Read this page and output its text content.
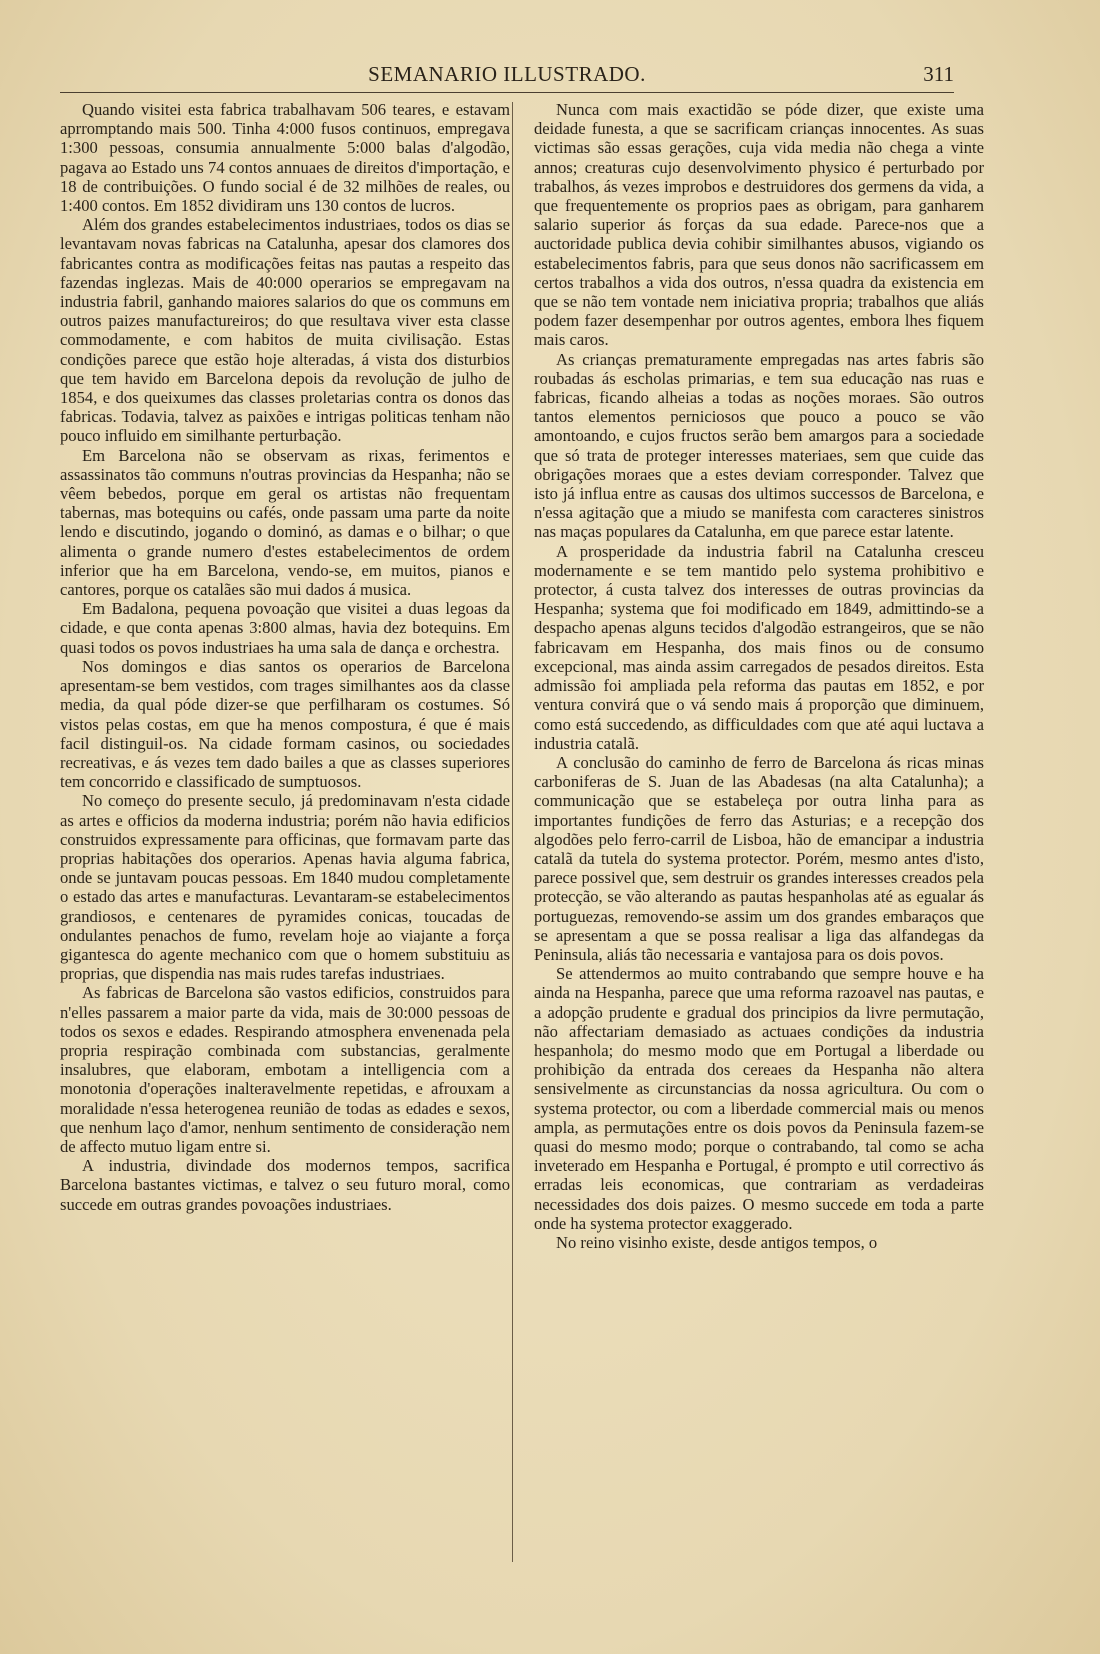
SEMANARIO ILLUSTRADO.	311

Quando visitei esta fabrica trabalhavam 506 teares, e estavam aprromptando mais 500. Tinha 4:000 fusos continuos, empregava 1:300 pessoas, consumia annualmente 5:000 balas d'algodão, pagava ao Estado uns 74 contos annuaes de direitos d'importação, e 18 de contribuições. O fundo social é de 32 milhões de reales, ou 1:400 contos. Em 1852 dividiram uns 130 contos de lucros.

Além dos grandes estabelecimentos industriaes, todos os dias se levantavam novas fabricas na Catalunha, apesar dos clamores dos fabricantes contra as modificações feitas nas pautas a respeito das fazendas inglezas. Mais de 40:000 operarios se empregavam na industria fabril, ganhando maiores salarios do que os communs em outros paizes manufactureiros; do que resultava viver esta classe commodamente, e com habitos de muita civilisação. Estas condições parece que estão hoje alteradas, á vista dos disturbios que tem havido em Barcelona depois da revolução de julho de 1854, e dos queixumes das classes proletarias contra os donos das fabricas. Todavia, talvez as paixões e intrigas politicas tenham não pouco influido em similhante perturbação.

Em Barcelona não se observam as rixas, ferimentos e assassinatos tão communs n'outras provincias da Hespanha; não se vêem bebedos, porque em geral os artistas não frequentam tabernas, mas botequins ou cafés, onde passam uma parte da noite lendo e discutindo, jogando o dominó, as damas e o bilhar; o que alimenta o grande numero d'estes estabelecimentos de ordem inferior que ha em Barcelona, vendo-se, em muitos, pianos e cantores, porque os catalães são mui dados á musica.

Em Badalona, pequena povoação que visitei a duas legoas da cidade, e que conta apenas 3:800 almas, havia dez botequins. Em quasi todos os povos industriaes ha uma sala de dança e orchestra.

Nos domingos e dias santos os operarios de Barcelona apresentam-se bem vestidos, com trages similhantes aos da classe media, da qual póde dizer-se que perfilharam os costumes. Só vistos pelas costas, em que ha menos compostura, é que é mais facil distinguil-os. Na cidade formam casinos, ou sociedades recreativas, e ás vezes tem dado bailes a que as classes superiores tem concorrido e classificado de sumptuosos.

No começo do presente seculo, já predominavam n'esta cidade as artes e officios da moderna industria; porém não havia edificios construidos expressamente para officinas, que formavam parte das proprias habitações dos operarios. Apenas havia alguma fabrica, onde se juntavam poucas pessoas. Em 1840 mudou completamente o estado das artes e manufacturas. Levantaram-se estabelecimentos grandiosos, e centenares de pyramides conicas, toucadas de ondulantes penachos de fumo, revelam hoje ao viajante a força gigantesca do agente mechanico com que o homem substituiu as proprias, que dispendia nas mais rudes tarefas industriaes.

As fabricas de Barcelona são vastos edificios, construidos para n'elles passarem a maior parte da vida, mais de 30:000 pessoas de todos os sexos e edades. Respirando atmosphera envenenada pela propria respiração combinada com substancias, geralmente insalubres, que elaboram, embotam a intelligencia com a monotonia d'operações inalteravelmente repetidas, e afrouxam a moralidade n'essa heterogenea reunião de todas as edades e sexos, que nenhum laço d'amor, nenhum sentimento de consideração nem de affecto mutuo ligam entre si.

A industria, divindade dos modernos tempos, sacrifica Barcelona bastantes victimas, e talvez o seu futuro moral, como succede em outras grandes povoações industriaes.

Nunca com mais exactidão se póde dizer, que existe uma deidade funesta, a que se sacrificam crianças innocentes. As suas victimas são essas gerações, cuja vida media não chega a vinte annos; creaturas cujo desenvolvimento physico é perturbado por trabalhos, ás vezes improbos e destruidores dos germens da vida, a que frequentemente os proprios paes as obrigam, para ganharem salario superior ás forças da sua edade. Parece-nos que a auctoridade publica devia cohibir similhantes abusos, vigiando os estabelecimentos fabris, para que seus donos não sacrificassem em certos trabalhos a vida dos outros, n'essa quadra da existencia em que se não tem vontade nem iniciativa propria; trabalhos que aliás podem fazer desempenhar por outros agentes, embora lhes fiquem mais caros.

As crianças prematuramente empregadas nas artes fabris são roubadas ás escholas primarias, e tem sua educação nas ruas e fabricas, ficando alheias a todas as noções moraes. São outros tantos elementos perniciosos que pouco a pouco se vão amontoando, e cujos fructos serão bem amargos para a sociedade que só trata de proteger interesses materiaes, sem que cuide das obrigações moraes que a estes deviam corresponder. Talvez que isto já influa entre as causas dos ultimos successos de Barcelona, e n'essa agitação que a miudo se manifesta com caracteres sinistros nas maças populares da Catalunha, em que parece estar latente.

A prosperidade da industria fabril na Catalunha cresceu modernamente e se tem mantido pelo systema prohibitivo e protector, á custa talvez dos interesses de outras provincias da Hespanha; systema que foi modificado em 1849, admittindo-se a despacho apenas alguns tecidos d'algodão estrangeiros, que se não fabricavam em Hespanha, dos mais finos ou de consumo excepcional, mas ainda assim carregados de pesados direitos. Esta admissão foi ampliada pela reforma das pautas em 1852, e por ventura convirá que o vá sendo mais á proporção que diminuem, como está succedendo, as difficuldades com que até aqui luctava a industria catalã.

A conclusão do caminho de ferro de Barcelona ás ricas minas carboniferas de S. Juan de las Abadesas (na alta Catalunha); a communicação que se estabeleça por outra linha para as importantes fundições de ferro das Asturias; e a recepção dos algodões pelo ferro-carril de Lisboa, hão de emancipar a industria catalã da tutela do systema protector. Porém, mesmo antes d'isto, parece possivel que, sem destruir os grandes interesses creados pela protecção, se vão alterando as pautas hespanholas até as egualar ás portuguezas, removendo-se assim um dos grandes embaraços que se apresentam a que se possa realisar a liga das alfandegas da Peninsula, aliás tão necessaria e vantajosa para os dois povos.

Se attendermos ao muito contrabando que sempre houve e ha ainda na Hespanha, parece que uma reforma razoavel nas pautas, e a adopção prudente e gradual dos principios da livre permutação, não affectariam demasiado as actuaes condições da industria hespanhola; do mesmo modo que em Portugal a liberdade ou prohibição da entrada dos cereaes da Hespanha não altera sensivelmente as circunstancias da nossa agricultura. Ou com o systema protector, ou com a liberdade commercial mais ou menos ampla, as permutações entre os dois povos da Peninsula fazem-se quasi do mesmo modo; porque o contrabando, tal como se acha inveterado em Hespanha e Portugal, é prompto e util correctivo ás erradas leis economicas, que contrariam as verdadeiras necessidades dos dois paizes. O mesmo succede em toda a parte onde ha systema protector exaggerado.

No reino visinho existe, desde antigos tempos, o
